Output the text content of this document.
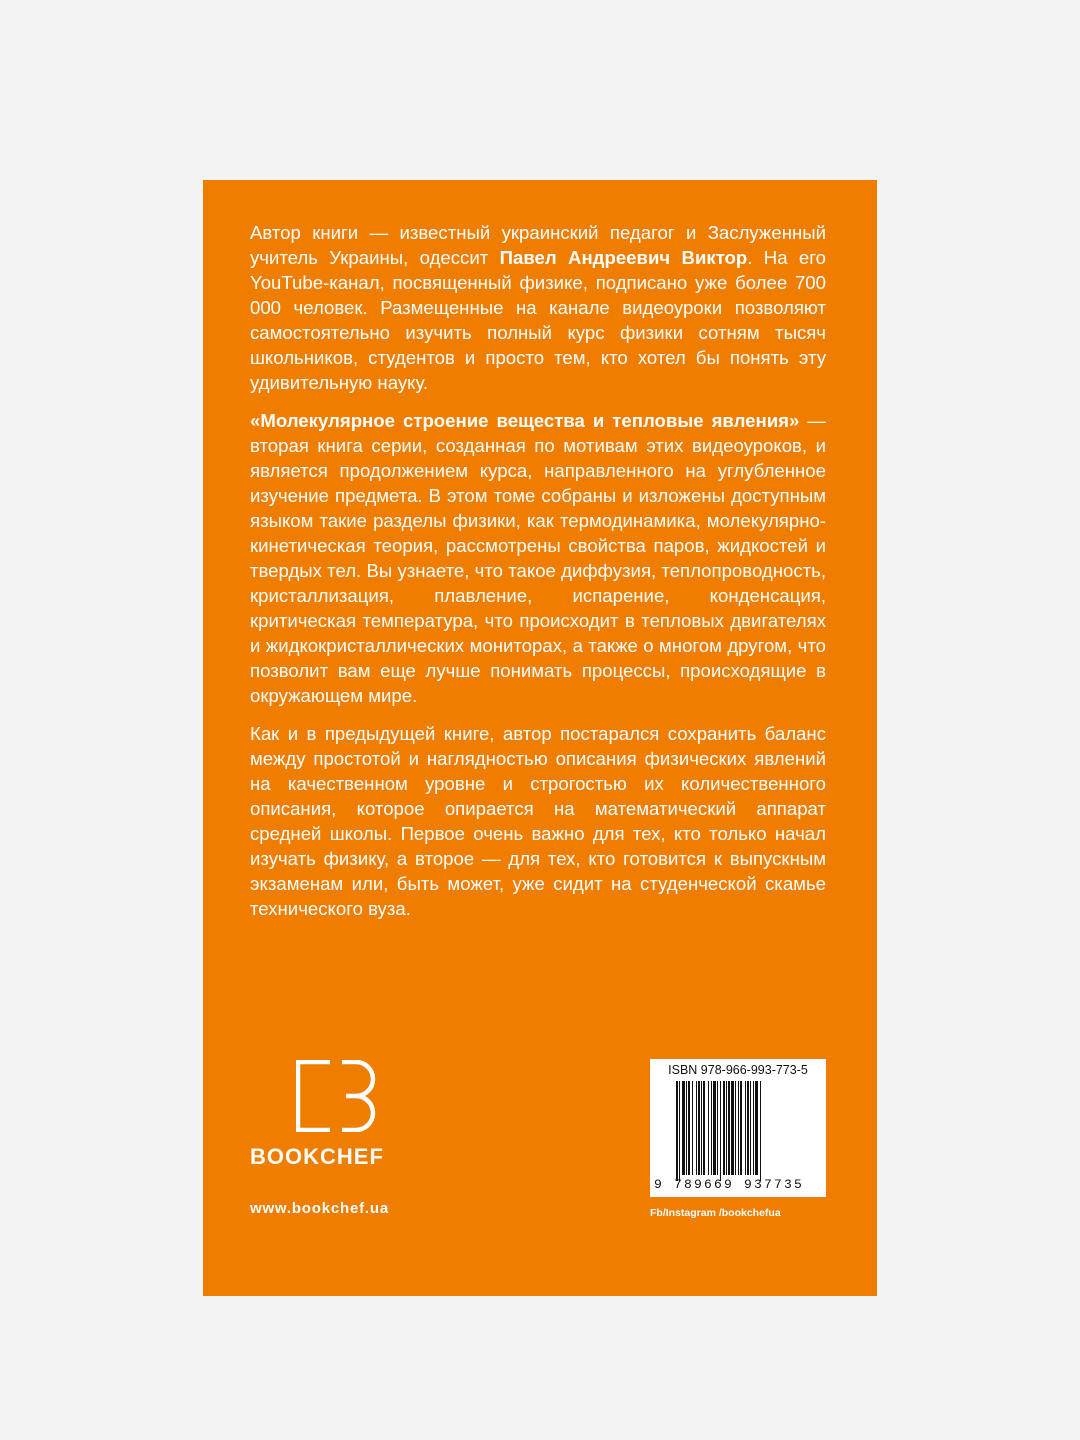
Автор книги — известный украинский педагог и Заслуженный учитель Украины, одессит Павел Андреевич Виктор. На его YouTube-канал, посвященный физике, подписано уже более 700 000 человек. Размещенные на канале видеоуроки позволяют самостоятельно изучить полный курс физики сотням тысяч школьников, студентов и просто тем, кто хотел бы понять эту удивительную науку.

«Молекулярное строение вещества и тепловые явления» — вторая книга серии, созданная по мотивам этих видеоуроков, и является продолжением курса, направленного на углубленное изучение предмета. В этом томе собраны и изложены доступным языком такие разделы физики, как термодинамика, молекулярно-кинетическая теория, рассмотрены свойства паров, жидкостей и твердых тел. Вы узнаете, что такое диффузия, теплопроводность, кристаллизация, плавление, испарение, конденсация, критическая температура, что происходит в тепловых двигателях и жидкокристаллических мониторах, а также о многом другом, что позволит вам еще лучше понимать процессы, происходящие в окружающем мире.

Как и в предыдущей книге, автор постарался сохранить баланс между простотой и наглядностью описания физических явлений на качественном уровне и строгостью их количественного описания, которое опирается на математический аппарат средней школы. Первое очень важно для тех, кто только начал изучать физику, а второе — для тех, кто готовится к выпускным экзаменам или, быть может, уже сидит на студенческой скамье технического вуза.

BOOKCHEF
www.bookchef.ua
ISBN 978-966-993-773-5
9 789669 937735
Fb/Instagram /bookchefua
